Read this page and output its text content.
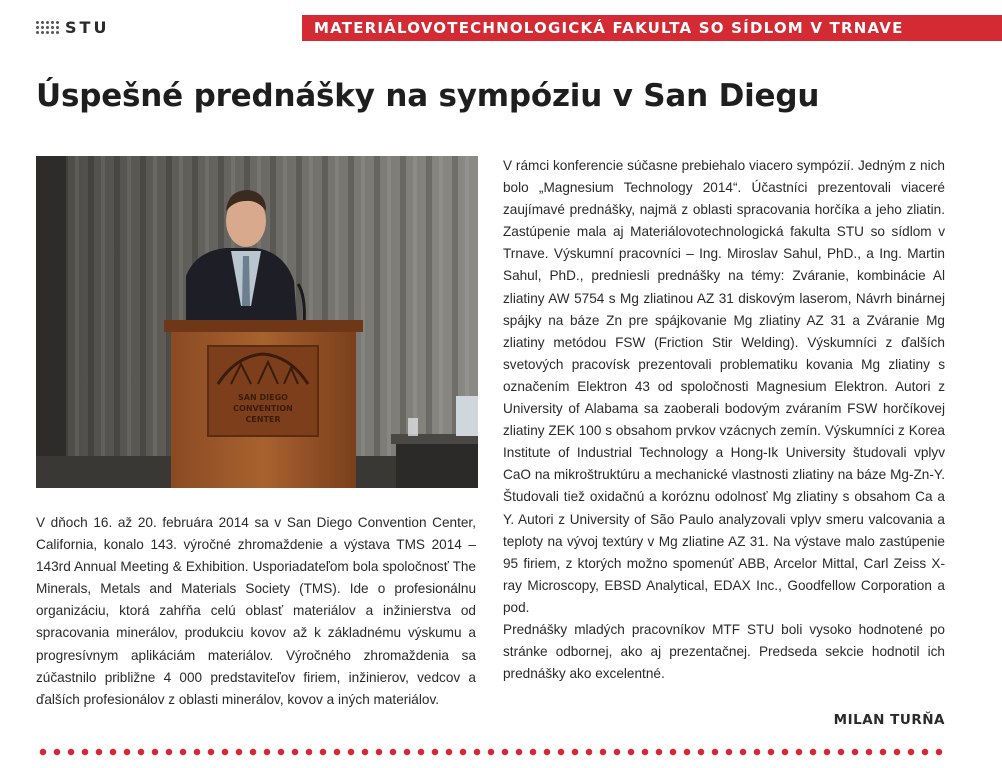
STU	MATERIÁLOVOTECHNOLOGICKÁ FAKULTA SO SÍDLOM V TRNAVE
Úspešné prednášky na sympóziu v San Diegu
SAN DIEGO
CONVENTION
CENTER

V dňoch 16. až 20. februára 2014 sa v San Diego Convention Center, California, konalo 143. výročné zhromaždenie a výstava TMS 2014 – 143rd Annual Meeting & Exhibition. Usporiadateľom bola spoločnosť The Minerals, Metals and Materials Society (TMS). Ide o profesionálnu organizáciu, ktorá zahŕňa celú oblasť materiálov a inžinierstva od spracovania minerálov, produkciu kovov až k základnému výskumu a progresívnym aplikáciám materiálov. Výročného zhromaždenia sa zúčastnilo približne 4 000 predstaviteľov firiem, inžinierov, vedcov a ďalších profesionálov z oblasti minerálov, kovov a iných materiálov.

V rámci konferencie súčasne prebiehalo viacero sympózií. Jedným z nich bolo „Magnesium Technology 2014“. Účastníci prezentovali viaceré zaujímavé prednášky, najmä z oblasti spracovania horčíka a jeho zliatin. Zastúpenie mala aj Materiálovotechnologická fakulta STU so sídlom v Trnave. Výskumní pracovníci – Ing. Miroslav Sahul, PhD., a Ing. Martin Sahul, PhD., predniesli prednášky na témy: Zváranie, kombinácie Al zliatiny AW 5754 s Mg zliatinou AZ 31 diskovým laserom, Návrh binárnej spájky na báze Zn pre spájkovanie Mg zliatiny AZ 31 a Zváranie Mg zliatiny metódou FSW (Friction Stir Welding). Výskumníci z ďalších svetových pracovísk prezentovali problematiku kovania Mg zliatiny s označením Elektron 43 od spoločnosti Magnesium Elektron. Autori z University of Alabama sa zaoberali bodovým zváraním FSW horčíkovej zliatiny ZEK 100 s obsahom prvkov vzácnych zemín. Výskumníci z Korea Institute of Industrial Technology a Hong-Ik University študovali vplyv CaO na mikroštruktúru a mechanické vlastnosti zliatiny na báze Mg-Zn-Y. Študovali tiež oxidačnú a koróznu odolnosť Mg zliatiny s obsahom Ca a Y. Autori z University of São Paulo analyzovali vplyv smeru valcovania a teploty na vývoj textúry v Mg zliatine AZ 31. Na výstave malo zastúpenie 95 firiem, z ktorých možno spomenúť ABB, Arcelor Mittal, Carl Zeiss X-ray Microscopy, EBSD Analytical, EDAX Inc., Goodfellow Corporation a pod.

Prednášky mladých pracovníkov MTF STU boli vysoko hodnotené po stránke odbornej, ako aj prezentačnej. Predseda sekcie hodnotil ich prednášky ako excelentné.

MILAN TURŇA
